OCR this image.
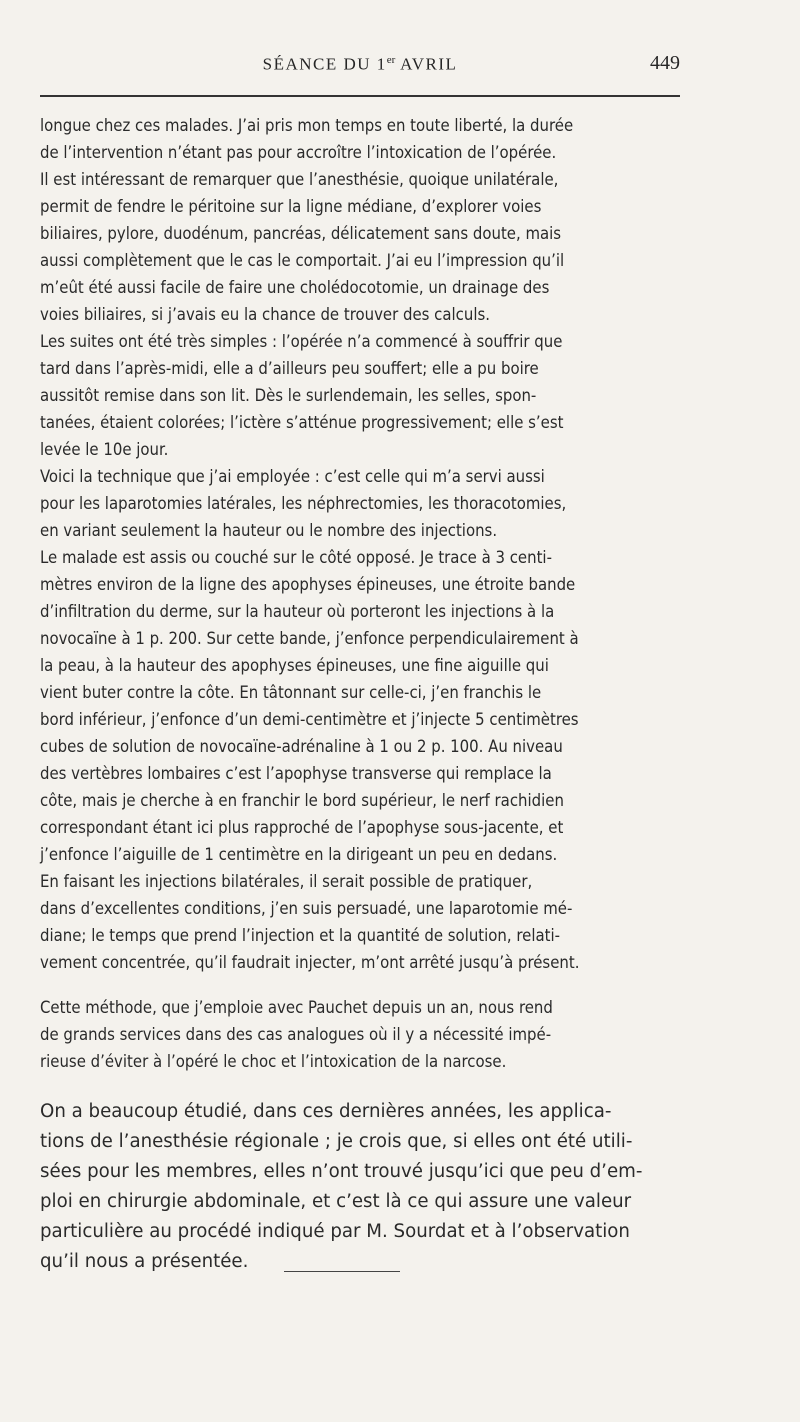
SÉANCE DU 1er AVRIL	449

longue chez ces malades. J’ai pris mon temps en toute liberté, la durée
de l’intervention n’étant pas pour accroître l’intoxication de l’opérée.

Il est intéressant de remarquer que l’anesthésie, quoique unilatérale,
permit de fendre le péritoine sur la ligne médiane, d’explorer voies
biliaires, pylore, duodénum, pancréas, délicatement sans doute, mais
aussi complètement que le cas le comportait. J’ai eu l’impression qu’il
m’eût été aussi facile de faire une cholédocotomie, un drainage des
voies biliaires, si j’avais eu la chance de trouver des calculs.

Les suites ont été très simples : l’opérée n’a commencé à souffrir que
tard dans l’après-midi, elle a d’ailleurs peu souffert; elle a pu boire
aussitôt remise dans son lit. Dès le surlendemain, les selles, spon-
tanées, étaient colorées; l’ictère s’atténue progressivement; elle s’est
levée le 10e jour.

Voici la technique que j’ai employée : c’est celle qui m’a servi aussi
pour les laparotomies latérales, les néphrectomies, les thoracotomies,
en variant seulement la hauteur ou le nombre des injections.

Le malade est assis ou couché sur le côté opposé. Je trace à 3 centi-
mètres environ de la ligne des apophyses épineuses, une étroite bande
d’infiltration du derme, sur la hauteur où porteront les injections à la
novocaïne à 1 p. 200. Sur cette bande, j’enfonce perpendiculairement à
la peau, à la hauteur des apophyses épineuses, une fine aiguille qui
vient buter contre la côte. En tâtonnant sur celle-ci, j’en franchis le
bord inférieur, j’enfonce d’un demi-centimètre et j’injecte 5 centimètres
cubes de solution de novocaïne-adrénaline à 1 ou 2 p. 100. Au niveau
des vertèbres lombaires c’est l’apophyse transverse qui remplace la
côte, mais je cherche à en franchir le bord supérieur, le nerf rachidien
correspondant étant ici plus rapproché de l’apophyse sous-jacente, et
j’enfonce l’aiguille de 1 centimètre en la dirigeant un peu en dedans.

En faisant les injections bilatérales, il serait possible de pratiquer,
dans d’excellentes conditions, j’en suis persuadé, une laparotomie mé-
diane; le temps que prend l’injection et la quantité de solution, relati-
vement concentrée, qu’il faudrait injecter, m’ont arrêté jusqu’à présent.

Cette méthode, que j’emploie avec Pauchet depuis un an, nous rend
de grands services dans des cas analogues où il y a nécessité impé-
rieuse d’éviter à l’opéré le choc et l’intoxication de la narcose.

On a beaucoup étudié, dans ces dernières années, les applica-
tions de l’anesthésie régionale ; je crois que, si elles ont été utili-
sées pour les membres, elles n’ont trouvé jusqu’ici que peu d’em-
ploi en chirurgie abdominale, et c’est là ce qui assure une valeur
particulière au procédé indiqué par M. Sourdat et à l’observation
qu’il nous a présentée.
